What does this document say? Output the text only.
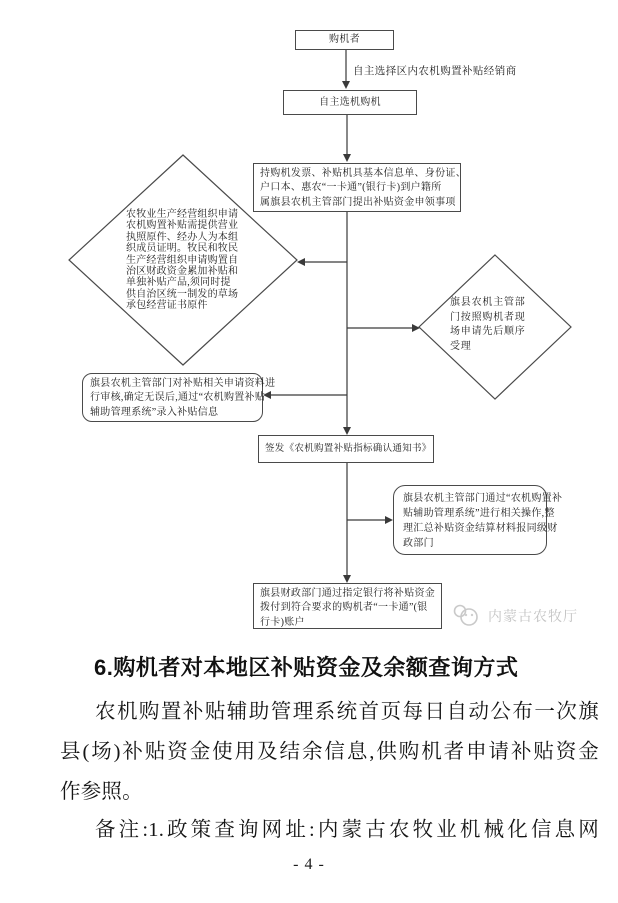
购机者
自主选择区内农机购置补贴经销商
自主选机购机
持购机发票、补贴机具基本信息单、身份证、
户口本、惠农“一卡通”(银行卡)到户籍所
属旗县农机主管部门提出补贴资金申领事项
农牧业生产经营组织申请
农机购置补贴需提供营业
执照原件、经办人为本组
织成员证明。牧民和牧民
生产经营组织申请购置自
治区财政资金累加补贴和
单独补贴产品,须同时提
供自治区统一制发的草场
承包经营证书原件	旗县农机主管部
门按照购机者现
场申请先后顺序
受理
旗县农机主管部门对补贴相关申请资料进
行审核,确定无误后,通过“农机购置补贴
辅助管理系统”录入补贴信息
签发《农机购置补贴指标确认通知书》
旗县农机主管部门通过“农机购置补
贴辅助管理系统”进行相关操作,整
理汇总补贴资金结算材料报同级财
政部门
旗县财政部门通过指定银行将补贴资金
拨付到符合要求的购机者“一卡通”(银
行卡)账户	内蒙古农牧厅
6.购机者对本地区补贴资金及余额查询方式
农机购置补贴辅助管理系统首页每日自动公布一次旗
县(场)补贴资金使用及结余信息,供购机者申请补贴资金
作参照。
备注:1.政策查询网址:内蒙古农牧业机械化信息网
- 4 -
